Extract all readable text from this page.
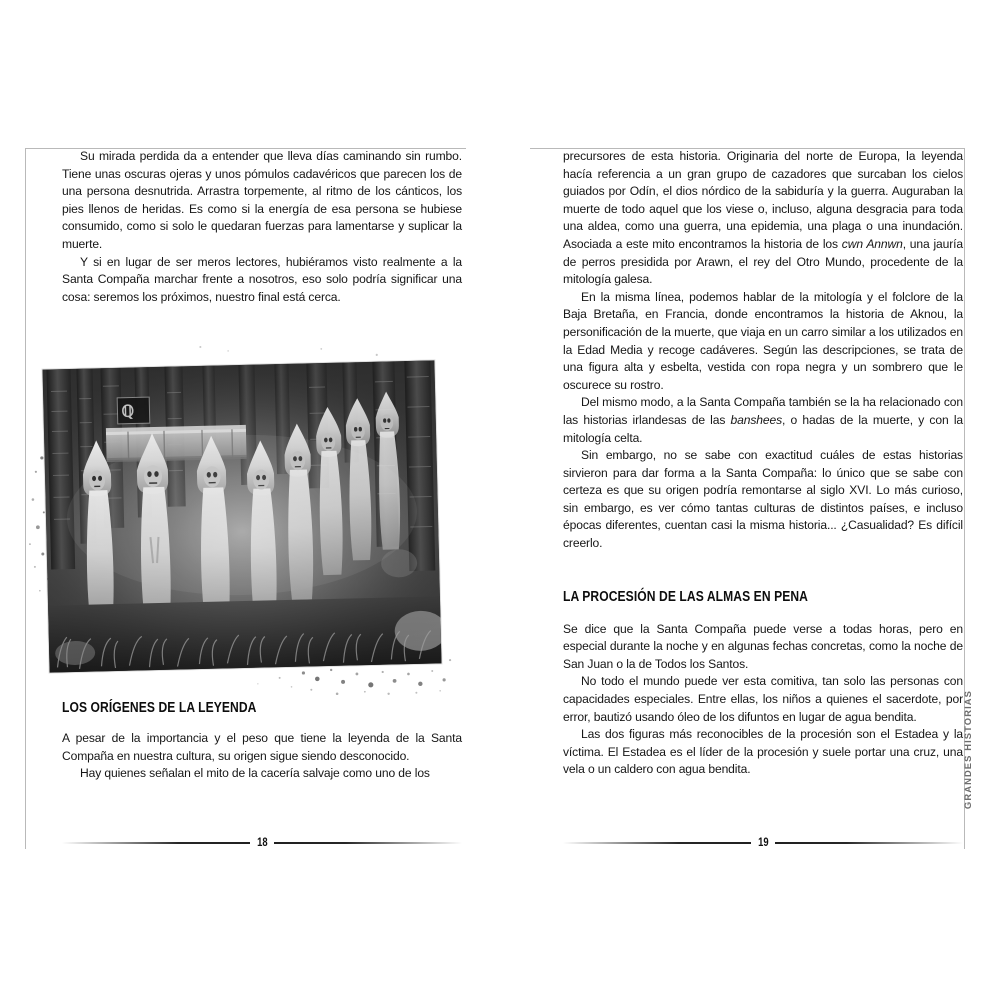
Su mirada perdida da a entender que lleva días caminando sin rumbo. Tiene unas oscuras ojeras y unos pómulos cadavéricos que parecen los de una persona desnutrida. Arrastra torpemente, al ritmo de los cánticos, los pies llenos de heridas. Es como si la energía de esa persona se hubiese consumido, como si solo le quedaran fuerzas para lamentarse y suplicar la muerte.

Y si en lugar de ser meros lectores, hubiéramos visto realmente a la Santa Compaña marchar frente a nosotros, eso solo podría significar una cosa: seremos los próximos, nuestro final está cerca.

LOS ORÍGENES DE LA LEYENDA

A pesar de la importancia y el peso que tiene la leyenda de la Santa Compaña en nuestra cultura, su origen sigue siendo desconocido.

Hay quienes señalan el mito de la cacería salvaje como uno de los

precursores de esta historia. Originaria del norte de Europa, la leyenda hacía referencia a un gran grupo de cazadores que surcaban los cielos guiados por Odín, el dios nórdico de la sabiduría y la guerra. Auguraban la muerte de todo aquel que los viese o, incluso, alguna desgracia para toda una aldea, como una guerra, una epidemia, una plaga o una inundación. Asociada a este mito encontramos la historia de los cwn Annwn, una jauría de perros presidida por Arawn, el rey del Otro Mundo, procedente de la mitología galesa.

En la misma línea, podemos hablar de la mitología y el folclore de la Baja Bretaña, en Francia, donde encontramos la historia de Aknou, la personificación de la muerte, que viaja en un carro similar a los utilizados en la Edad Media y recoge cadáveres. Según las descripciones, se trata de una figura alta y esbelta, vestida con ropa negra y un sombrero que le oscurece su rostro.

Del mismo modo, a la Santa Compaña también se la ha relacionado con las historias irlandesas de las banshees, o hadas de la muerte, y con la mitología celta.

Sin embargo, no se sabe con exactitud cuáles de estas historias sirvieron para dar forma a la Santa Compaña: lo único que se sabe con certeza es que su origen podría remontarse al siglo XVI. Lo más curioso, sin embargo, es ver cómo tantas culturas de distintos países, e incluso épocas diferentes, cuentan casi la misma historia... ¿Casualidad? Es difícil creerlo.

LA PROCESIÓN DE LAS ALMAS EN PENA

Se dice que la Santa Compaña puede verse a todas horas, pero en especial durante la noche y en algunas fechas concretas, como la noche de San Juan o la de Todos los Santos.

No todo el mundo puede ver esta comitiva, tan solo las personas con capacidades especiales. Entre ellas, los niños a quienes el sacerdote, por error, bautizó usando óleo de los difuntos en lugar de agua bendita.

Las dos figuras más reconocibles de la procesión son el Estadea y la víctima. El Estadea es el líder de la procesión y suele portar una cruz, una vela o un caldero con agua bendita.

18	19
GRANDES HISTORIAS
